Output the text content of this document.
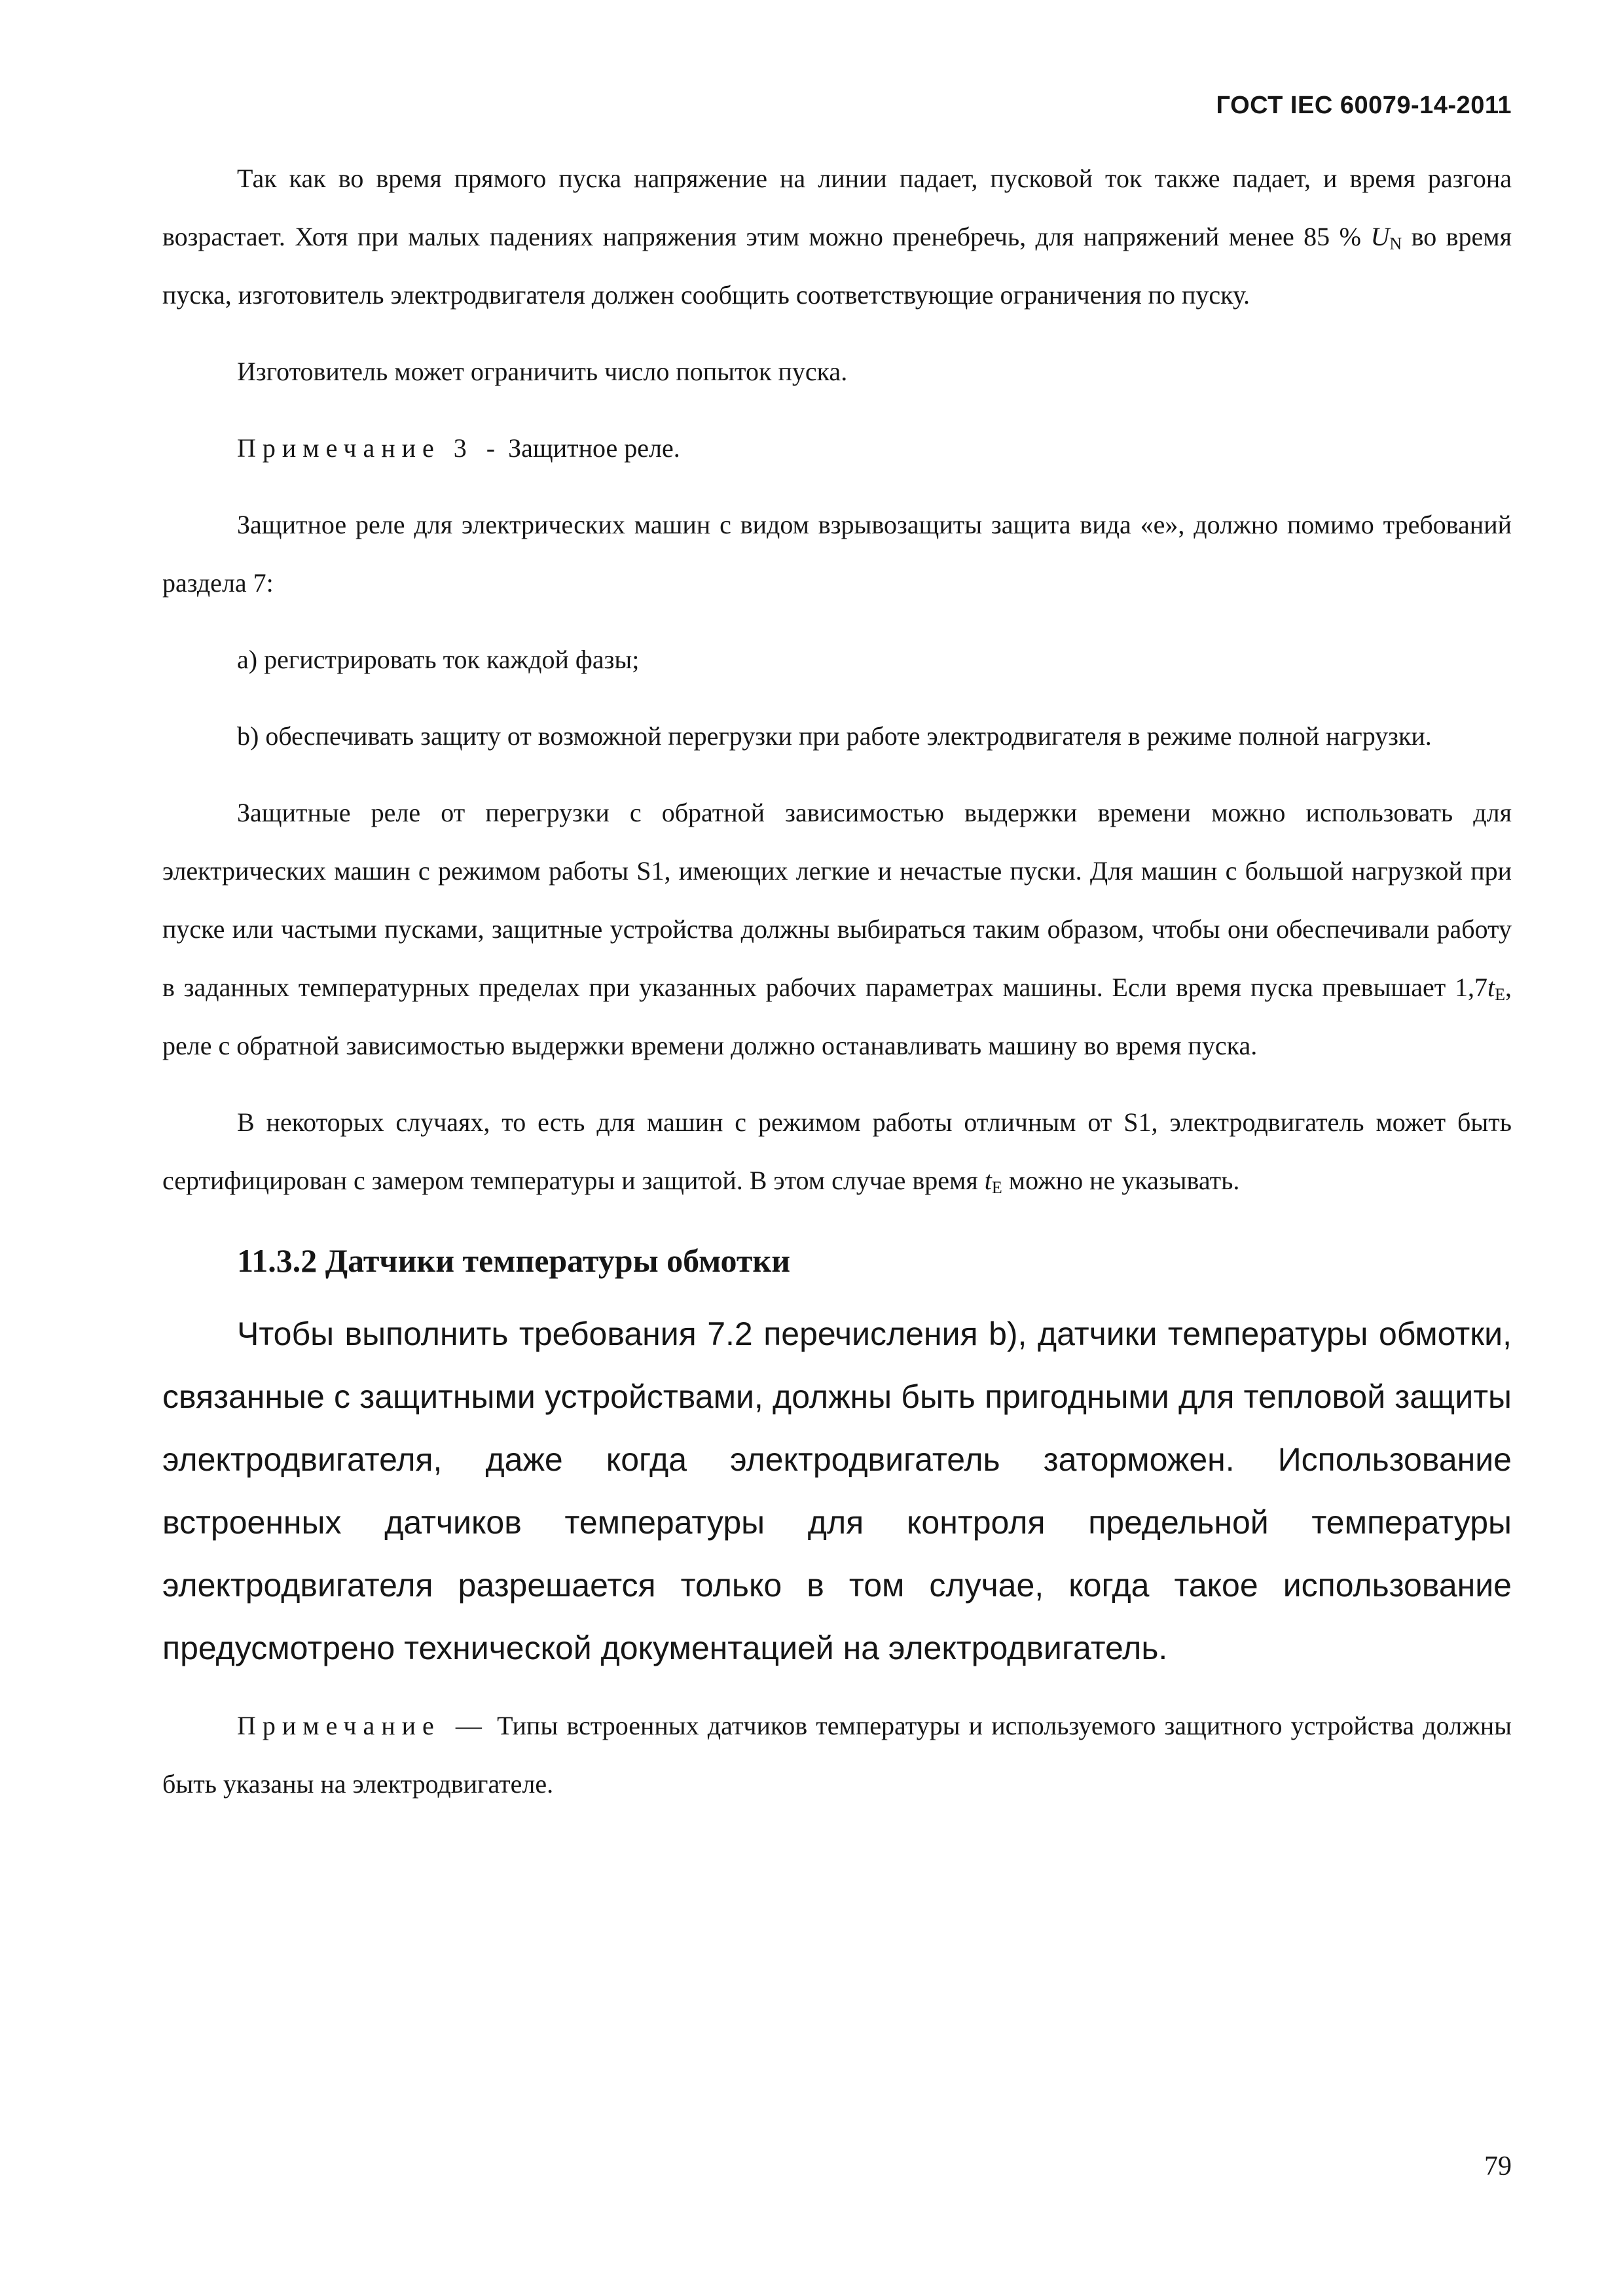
ГОСТ IEC 60079-14-2011

Так как во время прямого пуска напряжение на линии падает, пусковой ток также падает, и время разгона возрастает. Хотя при малых падениях напряжения этим можно пренебречь, для напряжений менее 85 % $U_N$ во время пуска, изготовитель электродвигателя должен сообщить соответствующие ограничения по пуску.

Изготовитель может ограничить число попыток пуска.

Примечание 3 - Защитное реле.

Защитное реле для электрических машин с видом взрывозащиты защита вида «е», должно помимо требований раздела 7:

а) регистрировать ток каждой фазы;

b) обеспечивать защиту от возможной перегрузки при работе электродвигателя в режиме полной нагрузки.

Защитные реле от перегрузки с обратной зависимостью выдержки времени можно использовать для электрических машин с режимом работы S1, имеющих легкие и нечастые пуски. Для машин с большой нагрузкой при пуске или частыми пусками, защитные устройства должны выбираться таким образом, чтобы они обеспечивали работу в заданных температурных пределах при указанных рабочих параметрах машины. Если время пуска превышает $1,7t_E$, реле с обратной зависимостью выдержки времени должно останавливать машину во время пуска.

В некоторых случаях, то есть для машин с режимом работы отличным от S1, электродвигатель может быть сертифицирован с замером температуры и защитой. В этом случае время $t_E$ можно не указывать.

11.3.2 Датчики температуры обмотки

Чтобы выполнить требования 7.2 перечисления b), датчики температуры обмотки, связанные с защитными устройствами, должны быть пригодными для тепловой защиты электродвигателя, даже когда электродвигатель заторможен. Использование встроенных датчиков температуры для контроля предельной температуры электродвигателя разрешается только в том случае, когда такое использование предусмотрено технической документацией на электродвигатель.

Примечание — Типы встроенных датчиков температуры и используемого защитного устройства должны быть указаны на электродвигателе.

79
